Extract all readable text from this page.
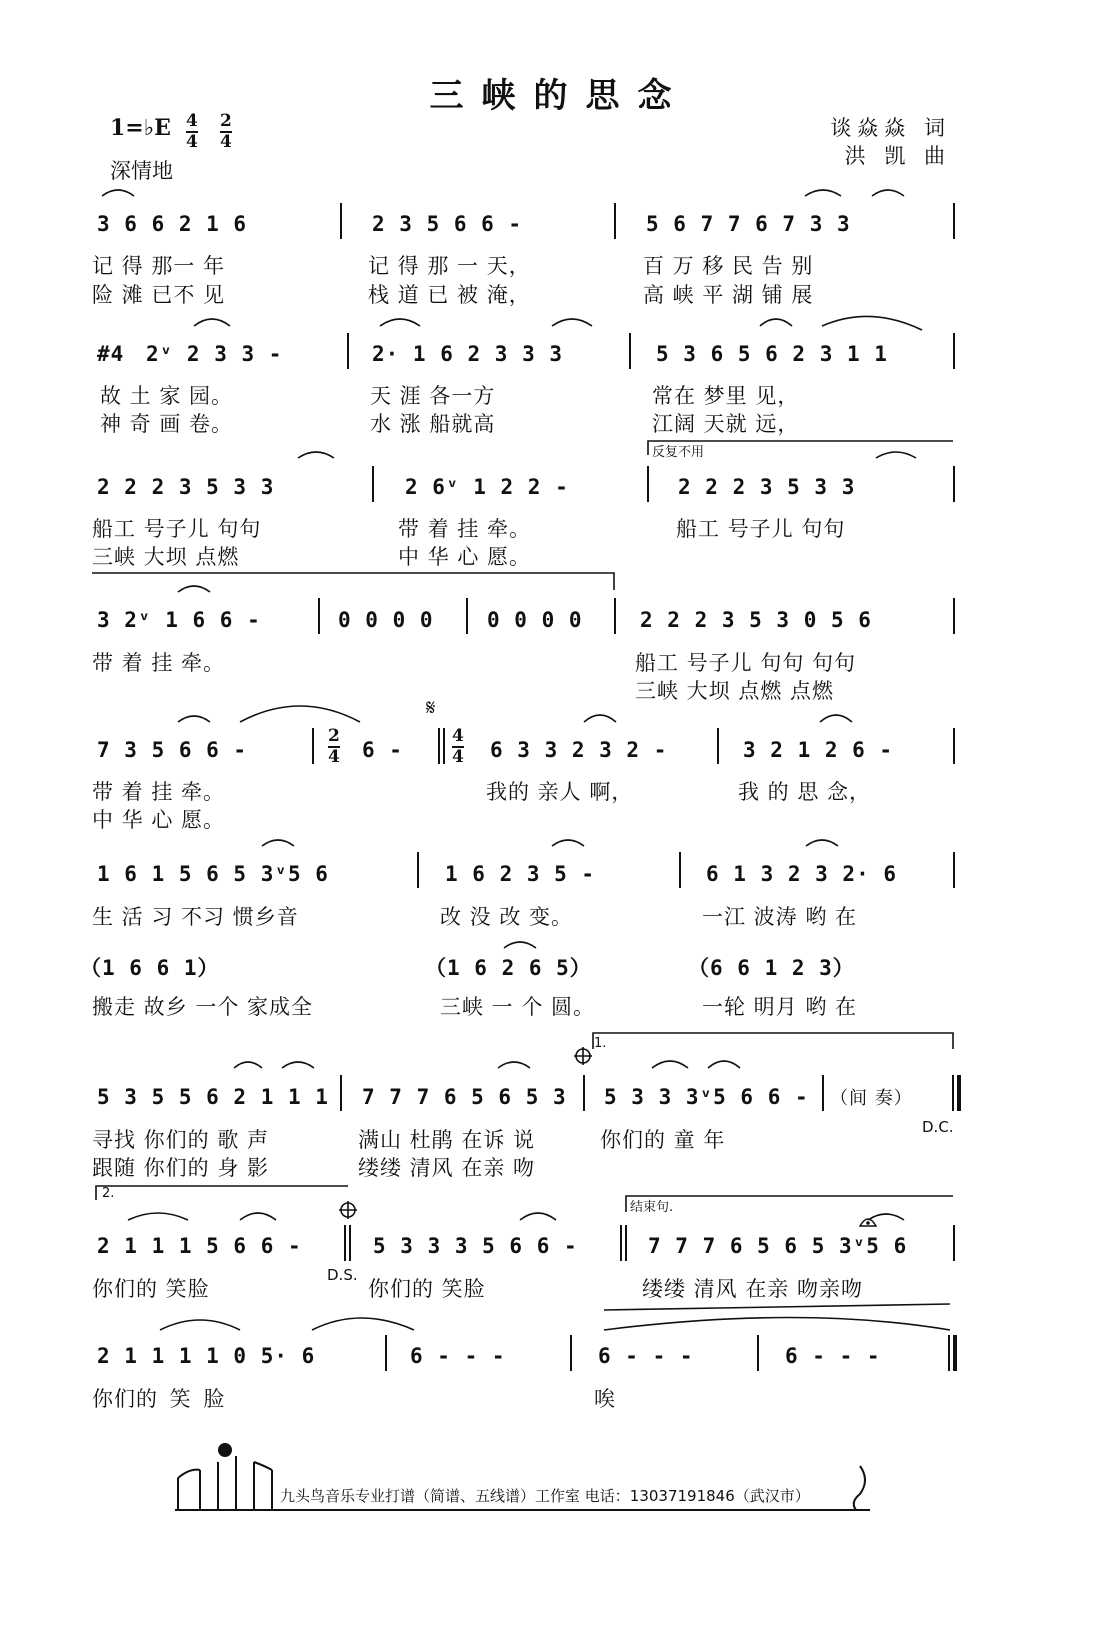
三峡的思念
1=♭E 4
4
2
4
深情地
谈焱焱 词
洪 凯 曲
3 6 6 2 1 6	2 3 5 6 6 -	5 6 7 7 6 7 3 3
记 得 那一 年	记 得 那 一 天，	百 万 移 民 告 别
险 滩 已不 见	栈 道 已 被 淹，	高 峡 平 湖 铺 展
#4 2ᵛ 2 3 3 -	2· 1 6 2 3 3 3	5 3 6 5 6 2 3 1 1
故 土 家 园。	天 涯 各一方	常在 梦里 见，
神 奇 画 卷。	水 涨 船就高	江阔 天就 远，
2 2 2 3 5 3 3	2 6ᵛ 1 2 2 -	2 2 2 3 5 3 3
反复不用
船工 号子儿 句句	带 着 挂 牵。	船工 号子儿 句句
三峡 大坝 点燃	中 华 心 愿。
3 2ᵛ 1 6 6 -	0 0 0 0	0 0 0 0	2 2 2 3 5 3 0 5 6
带 着 挂 牵。	船工 号子儿 句句 句句
三峡 大坝 点燃 点燃
7 3 5 6 6 -
2
4 6 -
4
4
𝄋
6 3 3 2 3 2 -	3 2 1 2 6 -
带 着 挂 牵。	我的 亲人 啊，	我 的 思 念，
中 华 心 愿。
1 6 1 5 6 5 3ᵛ5 6	1 6 2 3 5 -	6 1 3 2 3 2· 6
生 活 习 不习 惯乡音	改 没 改 变。	一江 波涛 哟 在
（1 6 6 1）	（1 6 2 6 5）	（6 6 1 2 3）
搬走 故乡 一个 家成全	三峡 一 个 圆。	一轮 明月 哟 在
5 3 5 5 6 2 1 1 1 7 7 7 6 5 6 5 3 5 3 3 3ᵛ5 6 6 - （间 奏）
1.
D.C.
寻找 你们的 歌 声	满山 杜鹃 在诉 说	你们的 童 年
跟随 你们的 身 影	缕缕 清风 在亲 吻
2 1 1 1 5 6 6 -	5 3 3 3 5 6 6 -	7 7 7 6 5 6 5 3ᵛ5 6
2.
结束句.
D.S.
你们的 笑脸	你们的 笑脸	缕缕 清风 在亲 吻亲吻
2 1 1 1 1 0 5· 6	6 - - -	6 - - -	6 - - -
你们的 笑 脸	唉
九头鸟音乐专业打谱（简谱、五线谱）工作室 电话：13037191846（武汉市）
